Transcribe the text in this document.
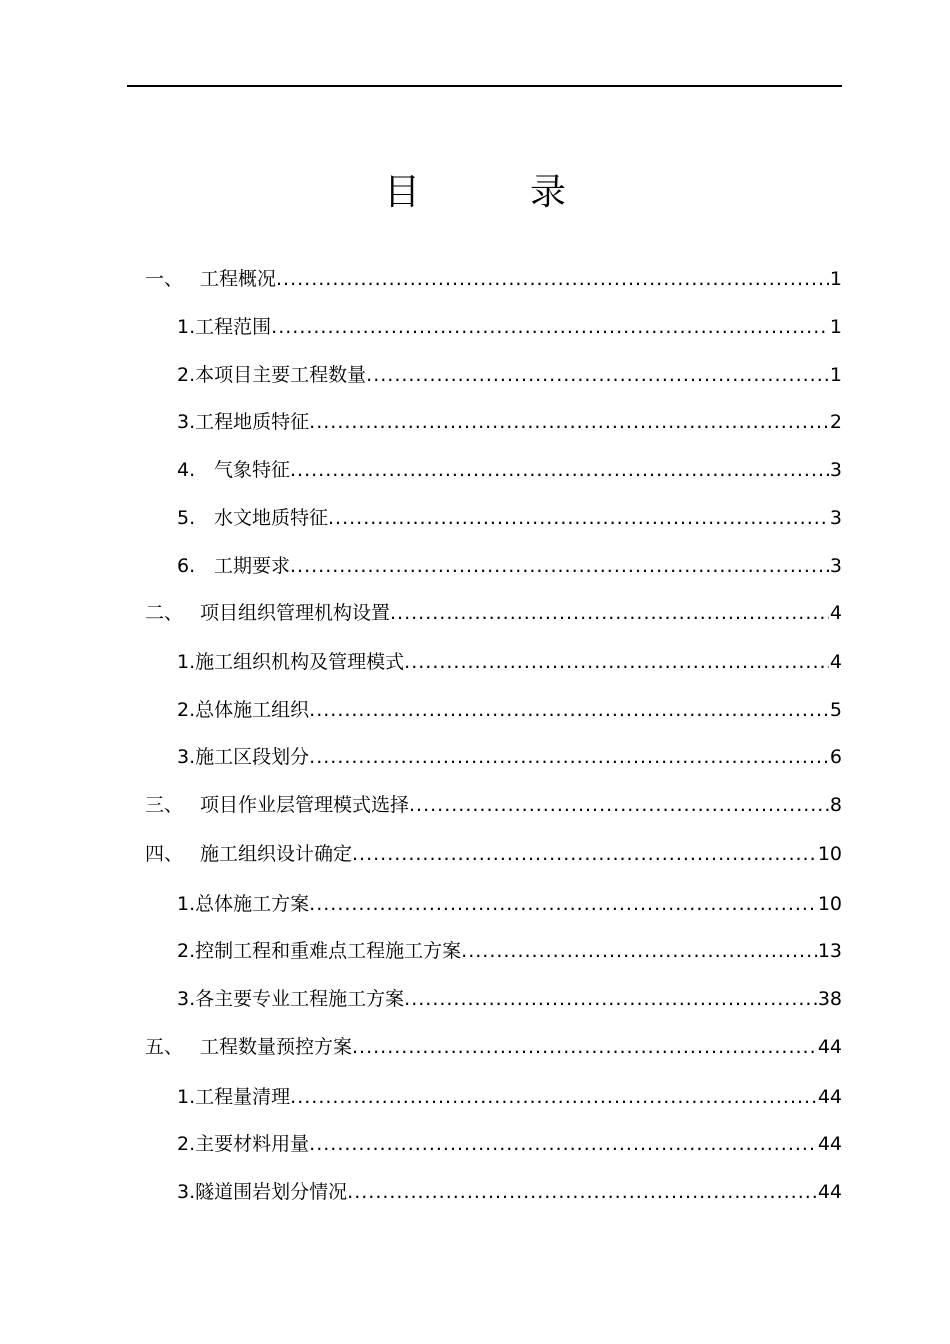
目	录
一、 工程概况 .....	1
1.工程范围 .....	1
2.本项目主要工程数量 .....	1
3.工程地质特征 .....	2
4. 气象特征 .....	3
5. 水文地质特征 .....	3
6. 工期要求 .....	3
二、 项目组织管理机构设置 .....	4
1.施工组织机构及管理模式 .....	4
2.总体施工组织 .....	5
3.施工区段划分 .....	6
三、 项目作业层管理模式选择 .....	8
四、 施工组织设计确定 .....	10
1.总体施工方案 .....	10
2.控制工程和重难点工程施工方案 .....	13
3.各主要专业工程施工方案 .....	38
五、 工程数量预控方案 .....	44
1.工程量清理 .....	44
2.主要材料用量 .....	44
3.隧道围岩划分情况 .....	44
